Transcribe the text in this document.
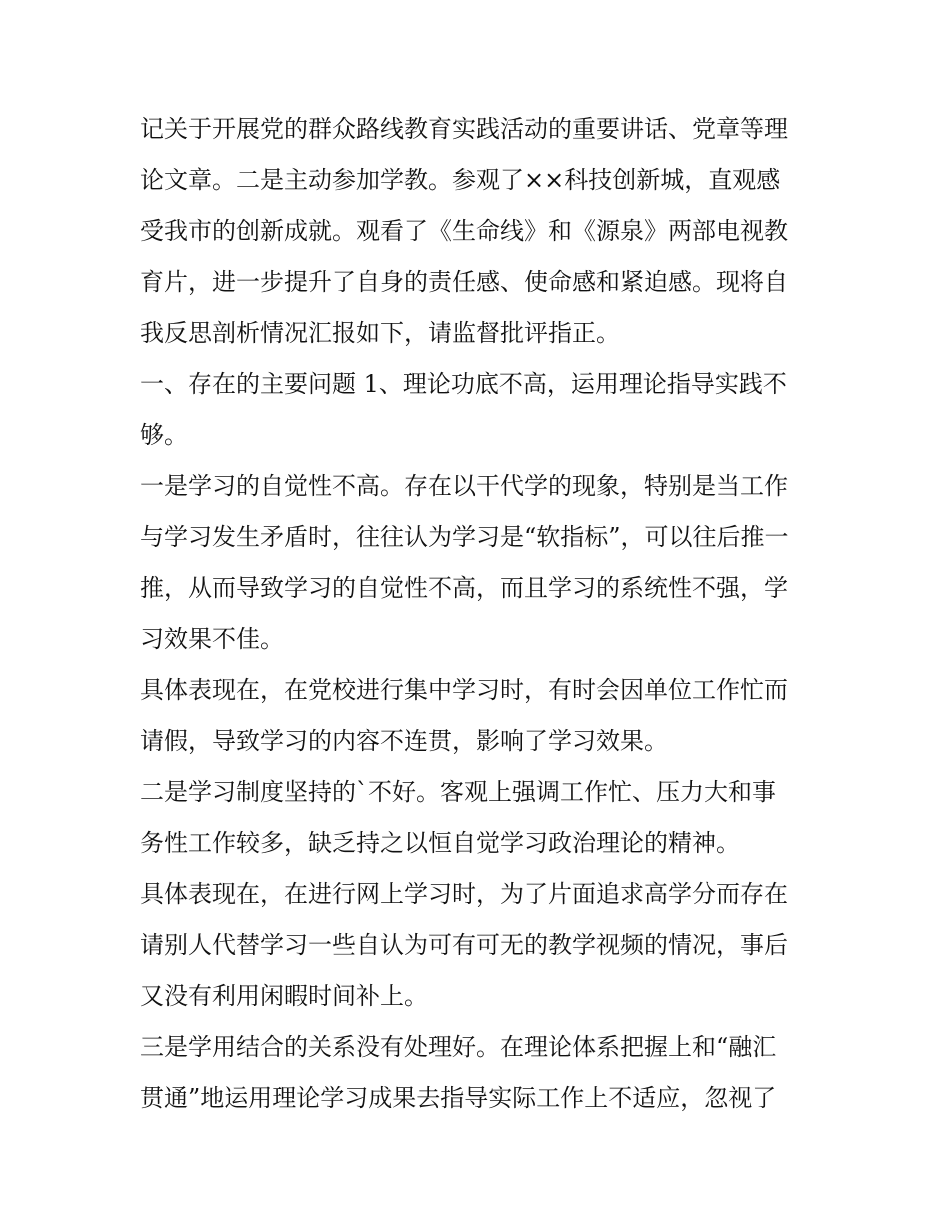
记关于开展党的群众路线教育实践活动的重要讲话、党章等理
论文章。二是主动参加学教。参观了××科技创新城，直观感
受我市的创新成就。观看了《生命线》和《源泉》两部电视教
育片，进一步提升了自身的责任感、使命感和紧迫感。现将自
我反思剖析情况汇报如下，请监督批评指正。
一、存在的主要问题 1、理论功底不高，运用理论指导实践不
够。
一是学习的自觉性不高。存在以干代学的现象，特别是当工作
与学习发生矛盾时，往往认为学习是“软指标”，可以往后推一
推，从而导致学习的自觉性不高，而且学习的系统性不强，学
习效果不佳。
具体表现在，在党校进行集中学习时，有时会因单位工作忙而
请假，导致学习的内容不连贯，影响了学习效果。
二是学习制度坚持的`不好。客观上强调工作忙、压力大和事
务性工作较多，缺乏持之以恒自觉学习政治理论的精神。
具体表现在，在进行网上学习时，为了片面追求高学分而存在
请别人代替学习一些自认为可有可无的教学视频的情况，事后
又没有利用闲暇时间补上。
三是学用结合的关系没有处理好。在理论体系把握上和“融汇
贯通”地运用理论学习成果去指导实际工作上不适应，忽视了
